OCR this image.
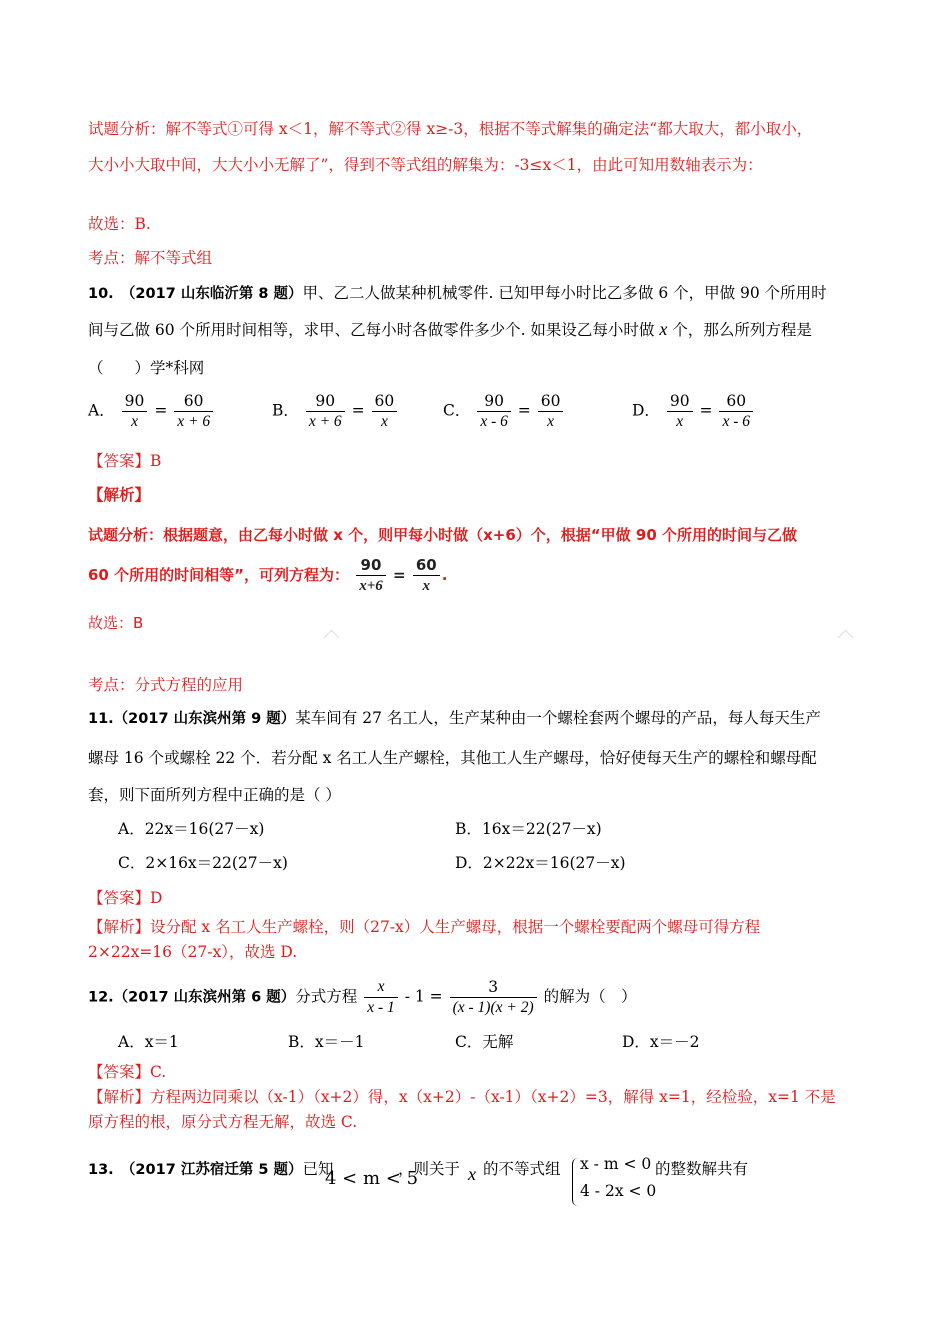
试题分析：解不等式①可得 x＜1，解不等式②得 x≥-3，根据不等式解集的确定法“都大取大，都小取小，
大小小大取中间，大大小小无解了”，得到不等式组的解集为：-3≤x＜1，由此可知用数轴表示为：
故选：B.
考点：解不等式组
10.　（2017 山东临沂第 8 题）甲、乙二人做某种机械零件. 已知甲每小时比乙多做 6 个，甲做 90 个所用时
间与乙做 60 个所用时间相等，求甲、乙每小时各做零件多少个. 如果设乙每小时做 x 个，那么所列方程是
（　　）学*科网
A． $\frac{90}{x} = \frac{60}{x + 6}$	B． $\frac{90}{x + 6} = \frac{60}{x}$	C． $\frac{90}{x - 6} = \frac{60}{x}$	D． $\frac{90}{x} = \frac{60}{x - 6}$
【答案】B
【解析】
试题分析：根据题意，由乙每小时做 x 个，则甲每小时做（x+6）个，根据“甲做 90 个所用的时间与乙做
60 个所用的时间相等”，可列方程为： $\frac{90}{x+6} = \frac{60}{x}$ .
故选：B
考点：分式方程的应用
11.（2017 山东滨州第 9 题）某车间有 27 名工人，生产某种由一个螺栓套两个螺母的产品，每人每天生产
螺母 16 个或螺栓 22 个．若分配 x 名工人生产螺栓，其他工人生产螺母，恰好使每天生产的螺栓和螺母配
套，则下面所列方程中正确的是（ ）
A．22x＝16(27－x)	B．16x＝22(27－x)
C．2×16x＝22(27－x)	D．2×22x＝16(27－x)
【答案】D
【解析】设分配 x 名工人生产螺栓，则（27-x）人生产螺母，根据一个螺栓要配两个螺母可得方程
2×22x=16（27-x），故选 D.
12.（2017 山东滨州第 6 题）分式方程 $\frac{x}{x - 1} - 1 = \frac{3}{(x - 1)(x + 2)}$ 的解为（　）
A．x＝1	B．x＝－1	C．无解	D．x＝－2
【答案】C.
【解析】方程两边同乘以（x-1）（x+2）得，x（x+2）-（x-1）（x+2）=3，解得 x=1，经检验，x=1 不是
原方程的根，原分式方程无解，故选 C.
13.　（2017 江苏宿迁第 5 题）已知
4 < m < 5
，则关于 x 的不等式组 x - m < 0
4 - 2x < 0
的整数解共有
